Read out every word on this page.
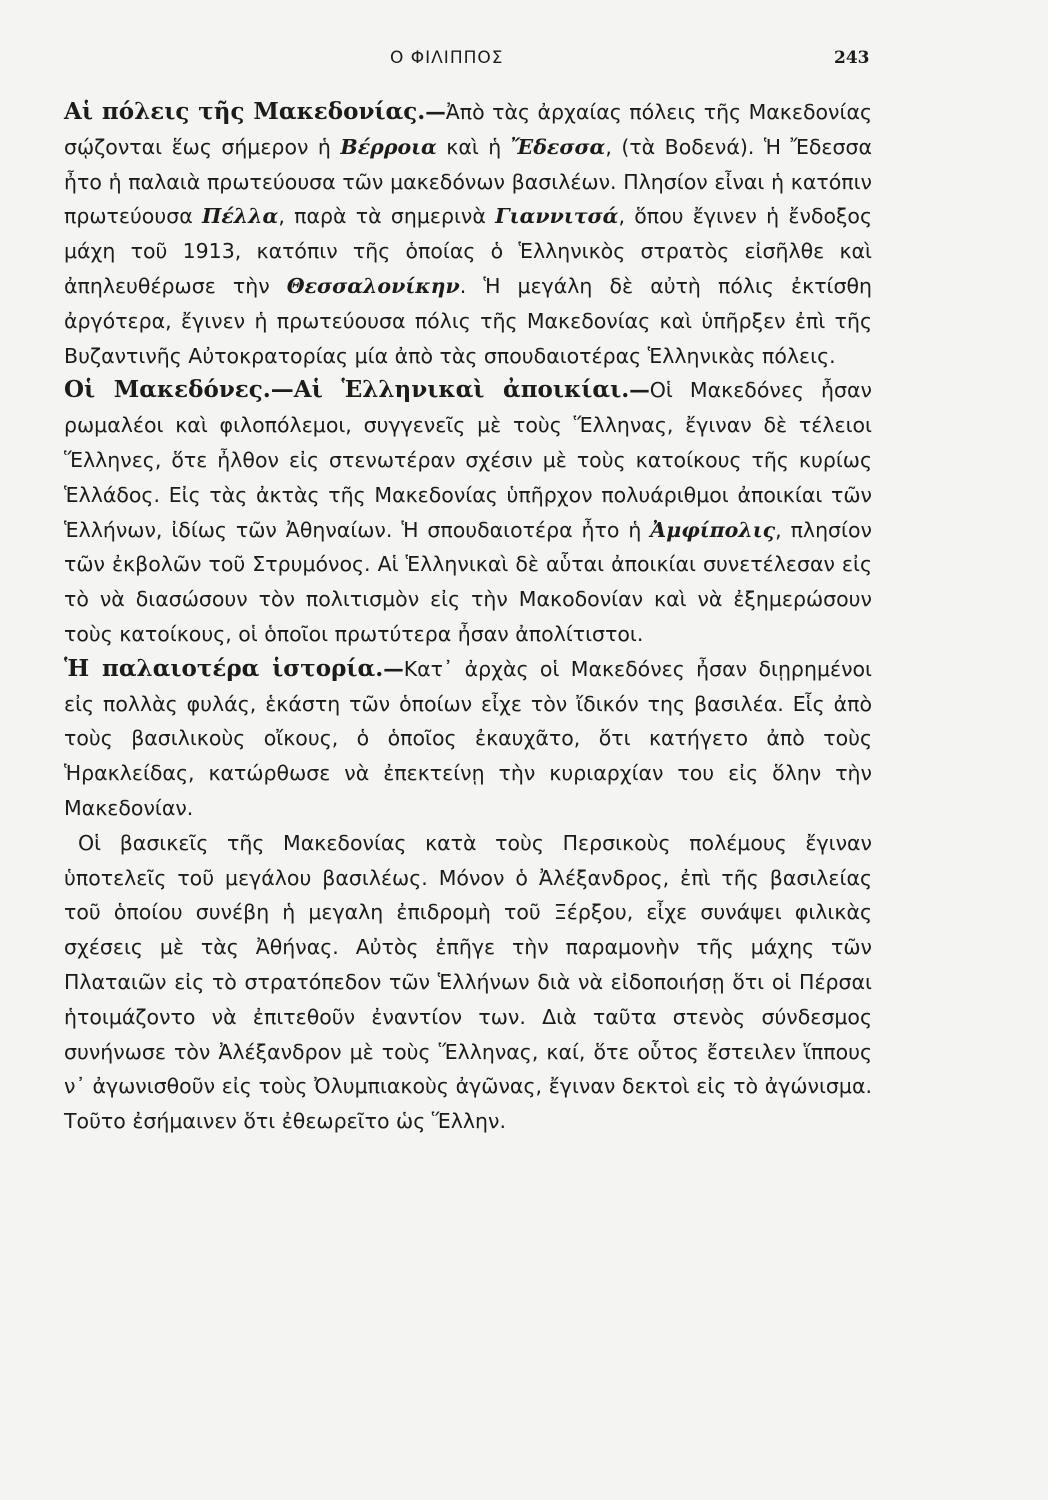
Ο ΦΙΛΙΠΠΟΣ	243

Αἱ πόλεις τῆς Μακεδονίας.—Ἀπὸ τὰς ἀρχαίας πόλεις τῆς Μακεδονίας σῴζονται ἕως σήμερον ἡ Βέρροια καὶ ἡ Ἔδεσσα, (τὰ Βοδενά). Ἡ Ἔδεσσα ἦτο ἡ παλαιὰ πρωτεύουσα τῶν μακεδόνων βασιλέων. Πλησίον εἶναι ἡ κατόπιν πρωτεύουσα Πέλλα, παρὰ τὰ σημερινὰ Γιαννιτσά, ὅπου ἔγινεν ἡ ἔνδοξος μάχη τοῦ 1913, κατόπιν τῆς ὁποίας ὁ Ἑλληνικὸς στρατὸς εἰσῆλθε καὶ ἀπηλευθέρωσε τὴν Θεσσαλονίκην. Ἡ μεγάλη δὲ αὐτὴ πόλις ἐκτίσθη ἀργότερα, ἔγινεν ἡ πρωτεύουσα πόλις τῆς Μακεδονίας καὶ ὑπῆρξεν ἐπὶ τῆς Βυζαντινῆς Αὐτοκρατορίας μία ἀπὸ τὰς σπουδαιοτέρας Ἑλληνικὰς πόλεις.

Οἱ Μακεδόνες.—Αἱ Ἑλληνικαὶ ἀποικίαι.—Οἱ Μακεδόνες ἦσαν ρωμαλέοι καὶ φιλοπόλεμοι, συγγενεῖς μὲ τοὺς Ἕλληνας, ἔγιναν δὲ τέλειοι Ἕλληνες, ὅτε ἦλθον εἰς στενωτέραν σχέσιν μὲ τοὺς κατοίκους τῆς κυρίως Ἑλλάδος. Εἰς τὰς ἀκτὰς τῆς Μακεδονίας ὑπῆρχον πολυάριθμοι ἀποικίαι τῶν Ἑλλήνων, ἰδίως τῶν Ἀθηναίων. Ἡ σπουδαιοτέρα ἦτο ἡ Ἀμφίπολις, πλησίον τῶν ἐκβολῶν τοῦ Στρυμόνος. Αἱ Ἑλληνικαὶ δὲ αὗται ἀποικίαι συνετέλεσαν εἰς τὸ νὰ διασώσουν τὸν πολιτισμὸν εἰς τὴν Μακοδονίαν καὶ νὰ ἐξημερώσουν τοὺς κατοίκους, οἱ ὁποῖοι πρωτύτερα ἦσαν ἀπολίτιστοι.

Ἡ παλαιοτέρα ἱστορία.—Κατ᾽ ἀρχὰς οἱ Μακεδόνες ἦσαν διῃρημένοι εἰς πολλὰς φυλάς, ἑκάστη τῶν ὁποίων εἶχε τὸν ἴδικόν της βασιλέα. Εἷς ἀπὸ τοὺς βασιλικοὺς οἴκους, ὁ ὁποῖος ἐκαυχᾶτο, ὅτι κατήγετο ἀπὸ τοὺς Ἡρακλείδας, κατώρθωσε νὰ ἐπεκτείνῃ τὴν κυριαρχίαν του εἰς ὅλην τὴν Μακεδονίαν.

Οἱ βασικεῖς τῆς Μακεδονίας κατὰ τοὺς Περσικοὺς πολέμους ἔγιναν ὑποτελεῖς τοῦ μεγάλου βασιλέως. Μόνον ὁ Ἀλέξανδρος, ἐπὶ τῆς βασιλείας τοῦ ὁποίου συνέβη ἡ μεγαλη ἐπιδρομὴ τοῦ Ξέρξου, εἶχε συνάψει φιλικὰς σχέσεις μὲ τὰς Ἀθήνας. Αὐτὸς ἐπῆγε τὴν παραμονὴν τῆς μάχης τῶν Πλαταιῶν εἰς τὸ στρατόπεδον τῶν Ἑλλήνων διὰ νὰ εἰδοποιήσῃ ὅτι οἱ Πέρσαι ἡτοιμάζοντο νὰ ἐπιτεθοῦν ἐναντίον των. Διὰ ταῦτα στενὸς σύνδεσμος συνήνωσε τὸν Ἀλέξανδρον μὲ τοὺς Ἕλληνας, καί, ὅτε οὗτος ἔστειλεν ἵππους ν᾽ ἀγωνισθοῦν εἰς τοὺς Ὀλυμπιακοὺς ἀγῶνας, ἔγιναν δεκτοὶ εἰς τὸ ἀγώνισμα. Τοῦτο ἐσήμαινεν ὅτι ἐθεωρεῖτο ὡς Ἕλλην.
